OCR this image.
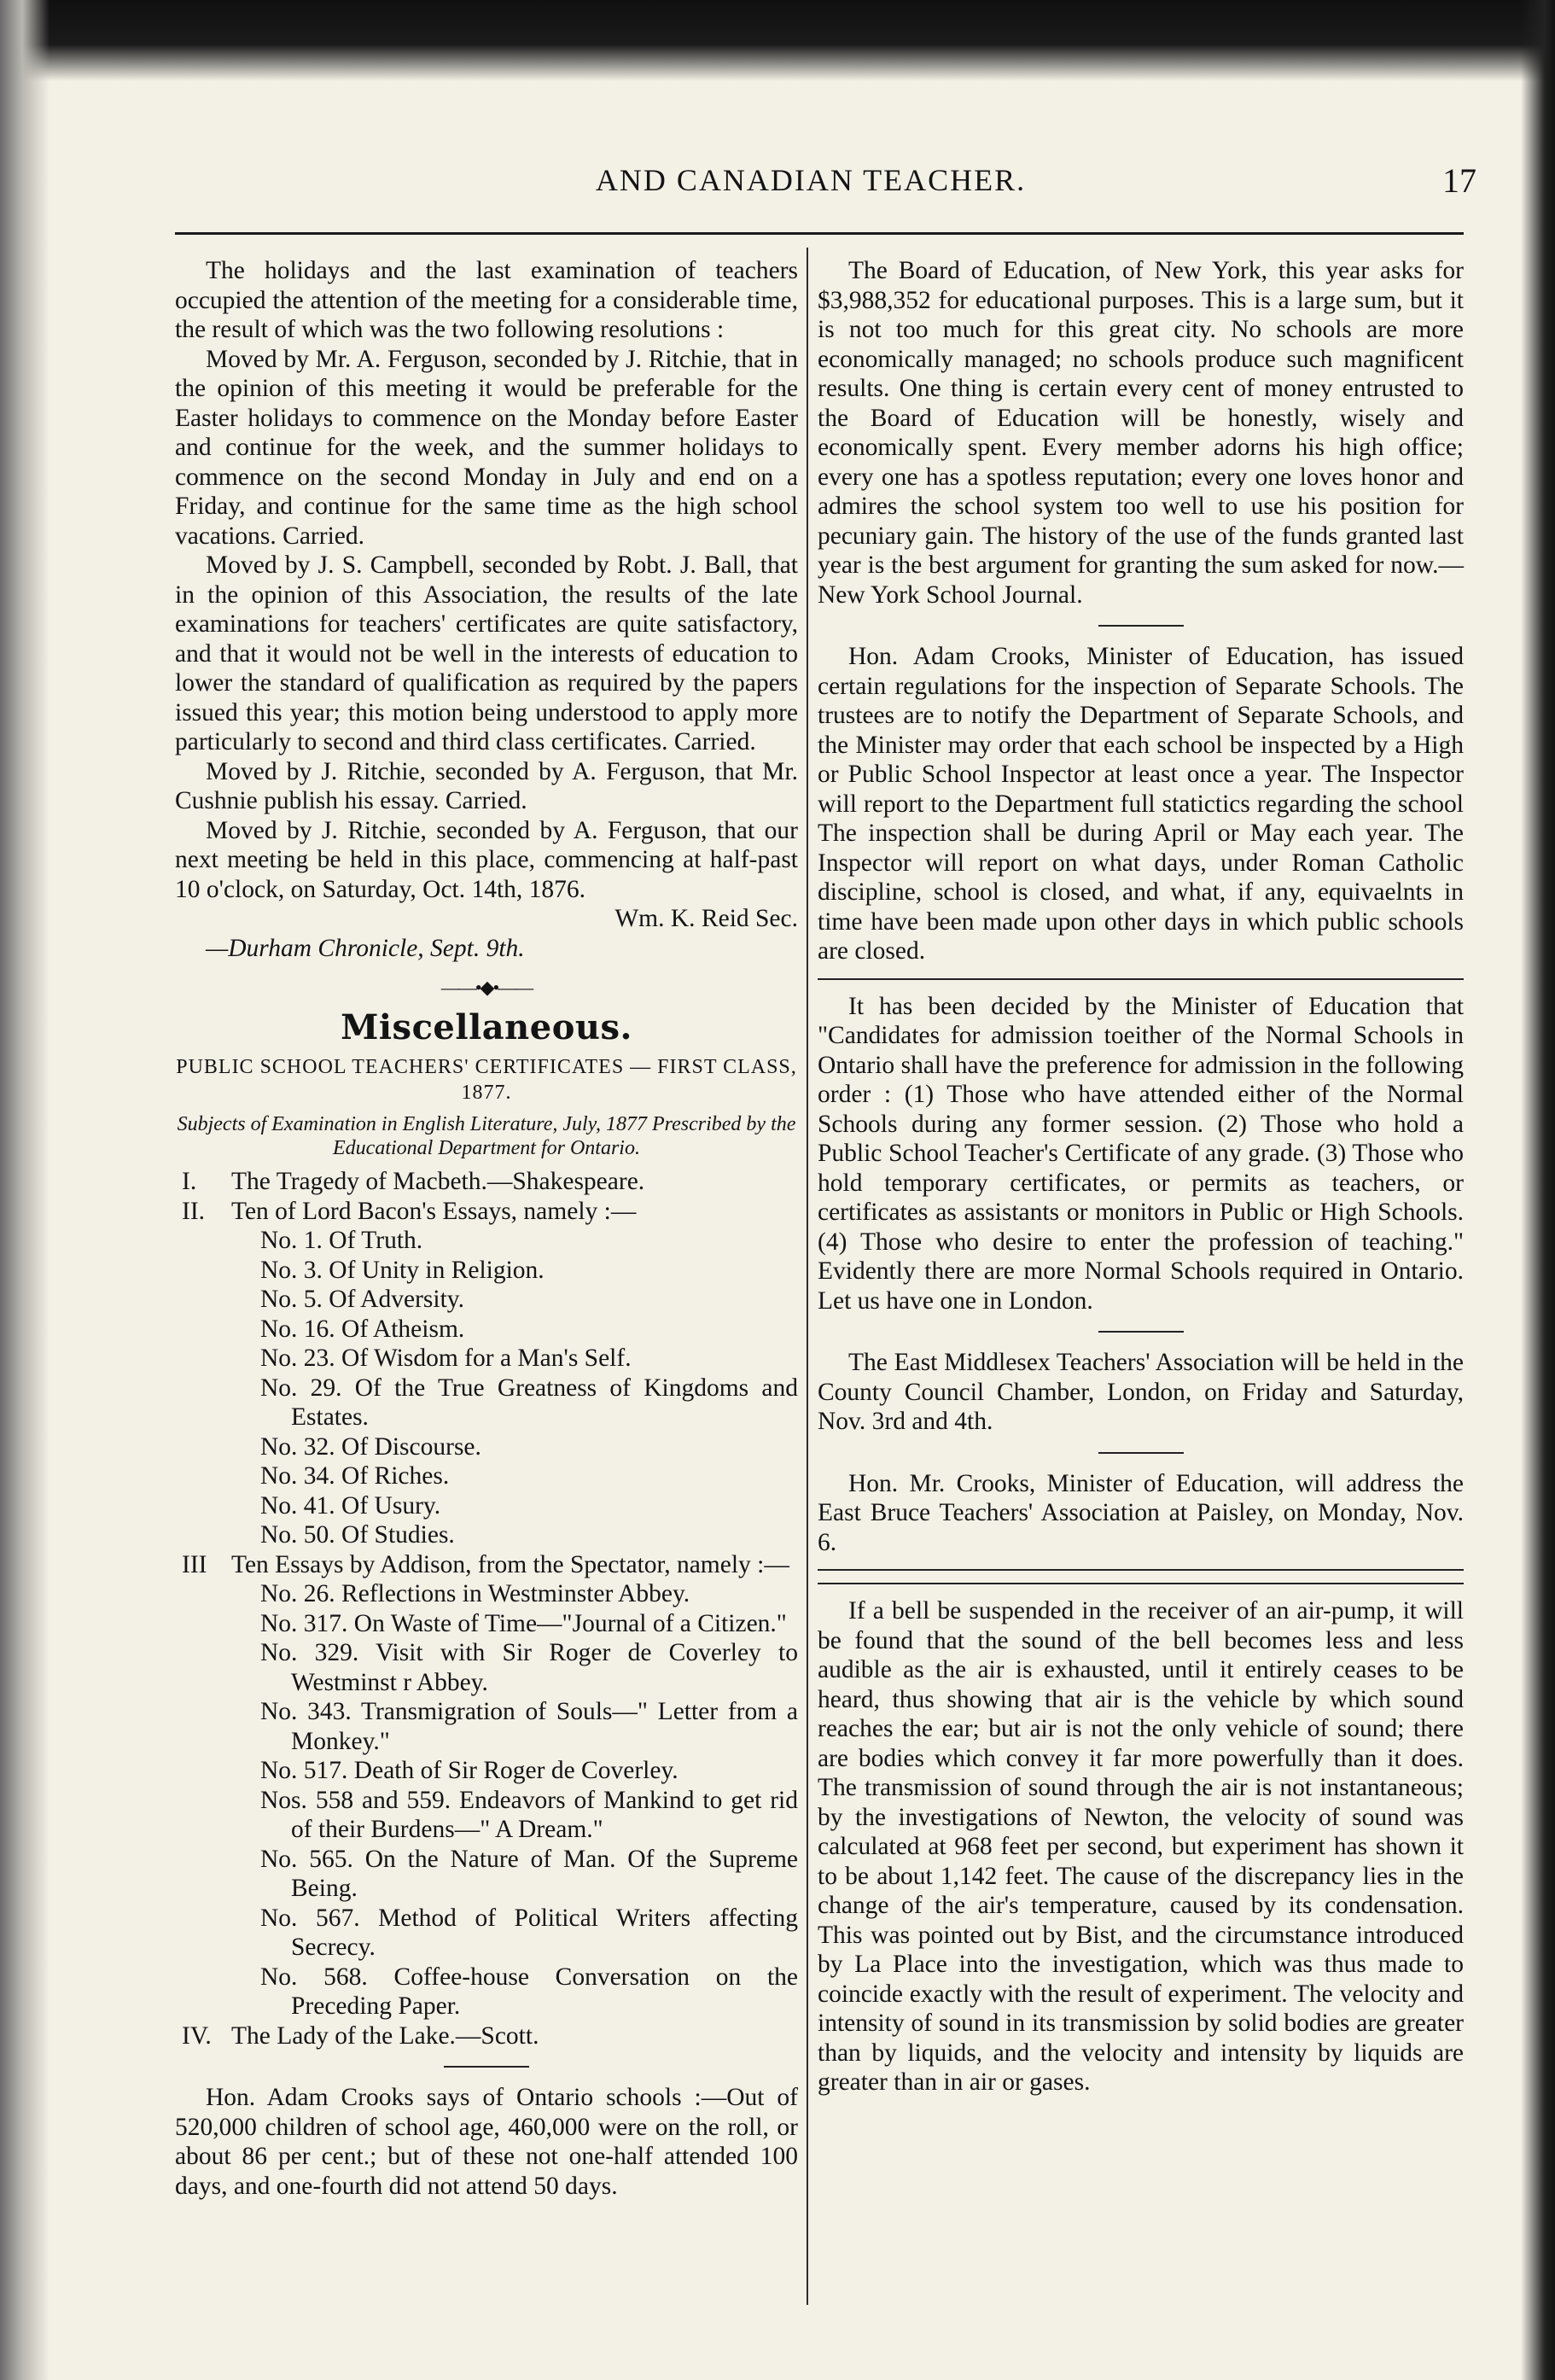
AND CANADIAN TEACHER.	17

The holidays and the last examination of teachers occupied the attention of the meeting for a considerable time, the result of which was the two following resolutions :

Moved by Mr. A. Ferguson, seconded by J. Ritchie, that in the opinion of this meeting it would be preferable for the Easter holidays to commence on the Monday before Easter and continue for the week, and the summer holidays to commence on the second Monday in July and end on a Friday, and continue for the same time as the high school vacations. Carried.

Moved by J. S. Campbell, seconded by Robt. J. Ball, that in the opinion of this Association, the results of the late examinations for teachers' certificates are quite satisfactory, and that it would not be well in the interests of education to lower the standard of qualification as required by the papers issued this year; this motion being understood to apply more particularly to second and third class certificates. Carried.

Moved by J. Ritchie, seconded by A. Ferguson, that Mr. Cushnie publish his essay. Carried.

Moved by J. Ritchie, seconded by A. Ferguson, that our next meeting be held in this place, commencing at half-past 10 o'clock, on Saturday, Oct. 14th, 1876.

Wm. K. Reid Sec.

—Durham Chronicle, Sept. 9th.

——•◆•——
Miscellaneous.
PUBLIC SCHOOL TEACHERS' CERTIFICATES — FIRST CLASS, 1877.
Subjects of Examination in English Literature, July, 1877 Prescribed by the Educational Department for Ontario.
I.	The Tragedy of Macbeth.—Shakespeare.
II.	Ten of Lord Bacon's Essays, namely :—

No. 1. Of Truth.

No. 3. Of Unity in Religion.

No. 5. Of Adversity.

No. 16. Of Atheism.

No. 23. Of Wisdom for a Man's Self.

No. 29. Of the True Greatness of Kingdoms and Estates.

No. 32. Of Discourse.

No. 34. Of Riches.

No. 41. Of Usury.

No. 50. Of Studies.

III Ten Essays by Addison, from the Spectator, namely :—

No. 26. Reflections in Westminster Abbey.

No. 317. On Waste of Time—"Journal of a Citizen."

No. 329. Visit with Sir Roger de Coverley to Westminst r Abbey.

No. 343. Transmigration of Souls—" Letter from a Monkey."

No. 517. Death of Sir Roger de Coverley.

Nos. 558 and 559. Endeavors of Mankind to get rid of their Burdens—" A Dream."

No. 565. On the Nature of Man. Of the Supreme Being.

No. 567. Method of Political Writers affecting Secrecy.

No. 568. Coffee-house Conversation on the Preceding Paper.

IV. The Lady of the Lake.—Scott.

Hon. Adam Crooks says of Ontario schools :—Out of 520,000 children of school age, 460,000 were on the roll, or about 86 per cent.; but of these not one-half attended 100 days, and one-fourth did not attend 50 days.

The Board of Education, of New York, this year asks for $3,988,352 for educational purposes. This is a large sum, but it is not too much for this great city. No schools are more economically managed; no schools produce such magnificent results. One thing is certain every cent of money entrusted to the Board of Education will be honestly, wisely and economically spent. Every member adorns his high office; every one has a spotless reputation; every one loves honor and admires the school system too well to use his position for pecuniary gain. The history of the use of the funds granted last year is the best argument for granting the sum asked for now.—New York School Journal.

Hon. Adam Crooks, Minister of Education, has issued certain regulations for the inspection of Separate Schools. The trustees are to notify the Department of Separate Schools, and the Minister may order that each school be inspected by a High or Public School Inspector at least once a year. The Inspector will report to the Department full statictics regarding the school The inspection shall be during April or May each year. The Inspector will report on what days, under Roman Catholic discipline, school is closed, and what, if any, equivaelnts in time have been made upon other days in which public schools are closed.

It has been decided by the Minister of Education that "Candidates for admission toeither of the Normal Schools in Ontario shall have the preference for admission in the following order : (1) Those who have attended either of the Normal Schools during any former session. (2) Those who hold a Public School Teacher's Certificate of any grade. (3) Those who hold temporary certificates, or permits as teachers, or certificates as assistants or monitors in Public or High Schools. (4) Those who desire to enter the profession of teaching." Evidently there are more Normal Schools required in Ontario. Let us have one in London.

The East Middlesex Teachers' Association will be held in the County Council Chamber, London, on Friday and Saturday, Nov. 3rd and 4th.

Hon. Mr. Crooks, Minister of Education, will address the East Bruce Teachers' Association at Paisley, on Monday, Nov. 6.

If a bell be suspended in the receiver of an air-pump, it will be found that the sound of the bell becomes less and less audible as the air is exhausted, until it entirely ceases to be heard, thus showing that air is the vehicle by which sound reaches the ear; but air is not the only vehicle of sound; there are bodies which convey it far more powerfully than it does. The transmission of sound through the air is not instantaneous; by the investigations of Newton, the velocity of sound was calculated at 968 feet per second, but experiment has shown it to be about 1,142 feet. The cause of the discrepancy lies in the change of the air's temperature, caused by its condensation. This was pointed out by Bist, and the circumstance introduced by La Place into the investigation, which was thus made to coincide exactly with the result of experiment. The velocity and intensity of sound in its transmission by solid bodies are greater than by liquids, and the velocity and intensity by liquids are greater than in air or gases.
